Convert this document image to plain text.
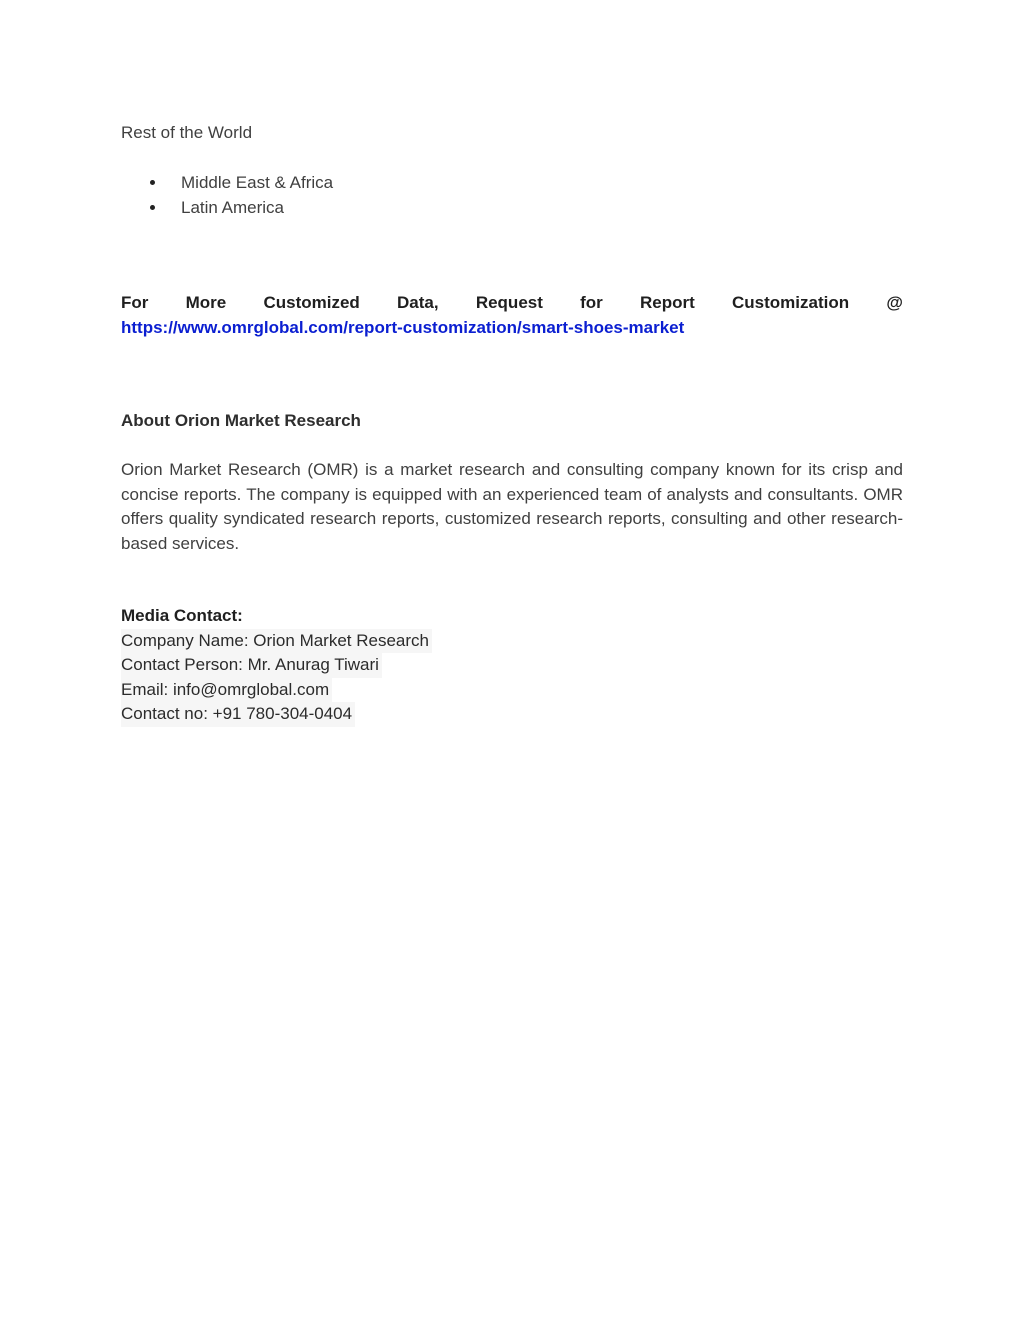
Rest of the World
Middle East & Africa
Latin America
For More Customized Data, Request for Report Customization @
https://www.omrglobal.com/report-customization/smart-shoes-market
About Orion Market Research
Orion Market Research (OMR) is a market research and consulting company known for its crisp and concise reports. The company is equipped with an experienced team of analysts and consultants. OMR offers quality syndicated research reports, customized research reports, consulting and other research-based services.
Media Contact:
Company Name: Orion Market Research
Contact Person: Mr. Anurag Tiwari
Email: info@omrglobal.com
Contact no: +91 780-304-0404
